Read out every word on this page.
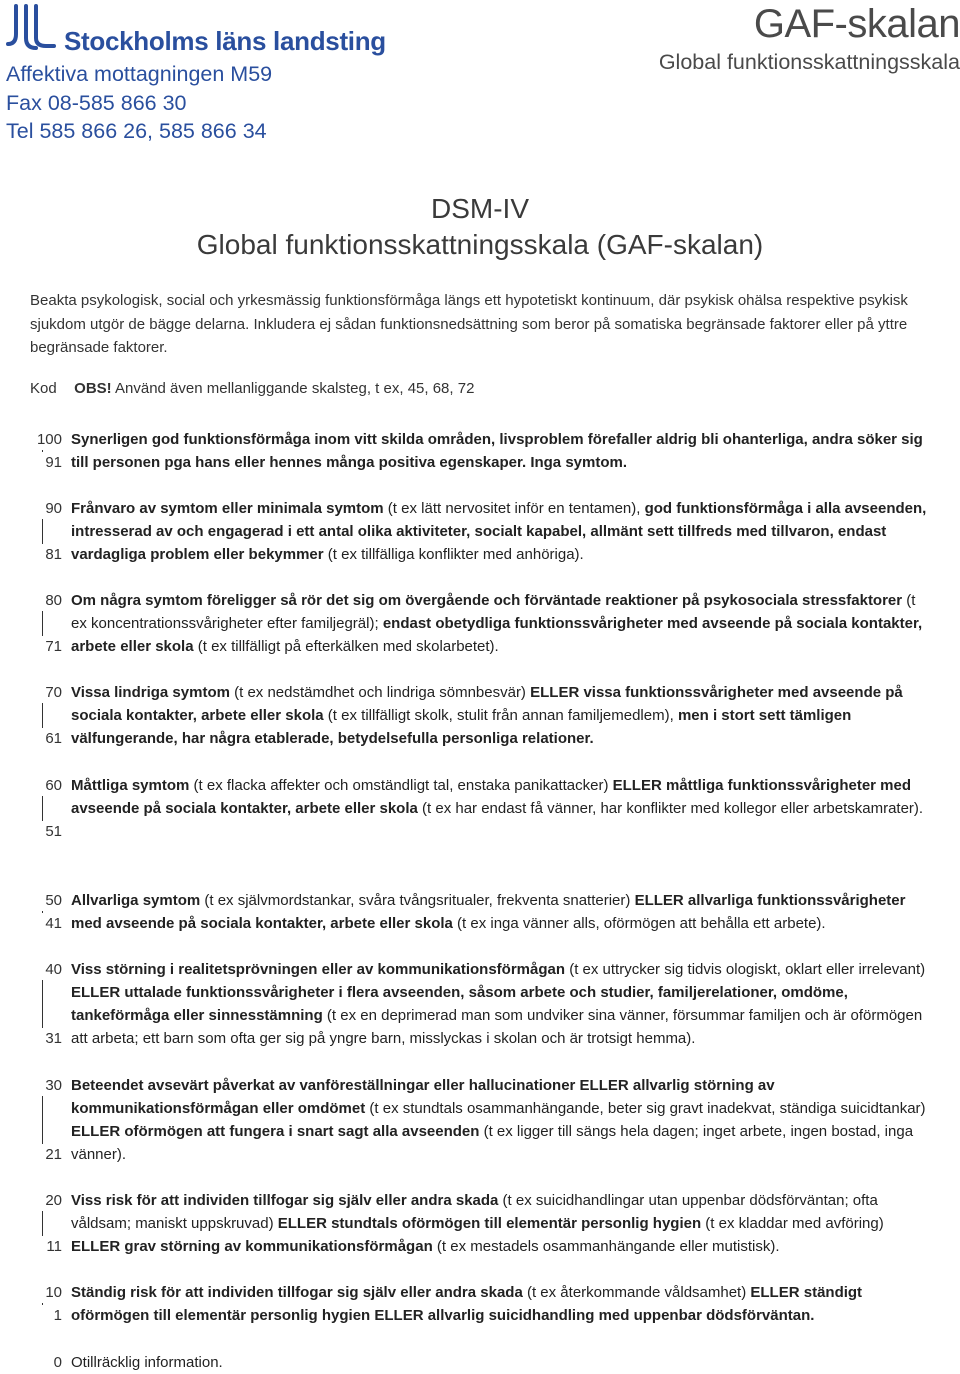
Stockholms läns landsting
Affektiva mottagningen M59
Fax 08-585 866 30
Tel 585 866 26, 585 866 34
GAF-skalan
Global funktionsskattningsskala
DSM-IV
Global funktionsskattningsskala (GAF-skalan)
Beakta psykologisk, social och yrkesmässig funktionsförmåga längs ett hypotetiskt kontinuum, där psykisk ohälsa respektive psykisk sjukdom utgör de bägge delarna. Inkludera ej sådan funktionsnedsättning som beror på somatiska begränsade faktorer eller på yttre begränsade faktorer.
Kod OBS! Använd även mellanliggande skalsteg, t ex, 45, 68, 72
100
91
Synerligen god funktionsförmåga inom vitt skilda områden, livsproblem förefaller aldrig bli ohanterliga, andra söker sig till personen pga hans eller hennes många positiva egenskaper. Inga symtom.
90
81
Frånvaro av symtom eller minimala symtom (t ex lätt nervositet inför en tentamen), god funktionsförmåga i alla avseenden, intresserad av och engagerad i ett antal olika aktiviteter, socialt kapabel, allmänt sett tillfreds med tillvaron, endast vardagliga problem eller bekymmer (t ex tillfälliga konflikter med anhöriga).
80
71
Om några symtom föreligger så rör det sig om övergående och förväntade reaktioner på psykosociala stressfaktorer (t ex koncentrationssvårigheter efter familjegräl); endast obetydliga funktionssvårigheter med avseende på sociala kontakter, arbete eller skola (t ex tillfälligt på efterkälken med skolarbetet).
70
61
Vissa lindriga symtom (t ex nedstämdhet och lindriga sömnbesvär) ELLER vissa funktionssvårigheter med avseende på sociala kontakter, arbete eller skola (t ex tillfälligt skolk, stulit från annan familjemedlem), men i stort sett tämligen välfungerande, har några etablerade, betydelsefulla personliga relationer.
60
51
Måttliga symtom (t ex flacka affekter och omständligt tal, enstaka panikattacker) ELLER måttliga funktionssvårigheter med avseende på sociala kontakter, arbete eller skola (t ex har endast få vänner, har konflikter med kollegor eller arbetskamrater).
50
41
Allvarliga symtom (t ex självmordstankar, svåra tvångsritualer, frekventa snatterier) ELLER allvarliga funktionssvårigheter med avseende på sociala kontakter, arbete eller skola (t ex inga vänner alls, oförmögen att behålla ett arbete).
40
31
Viss störning i realitetsprövningen eller av kommunikationsförmågan (t ex uttrycker sig tidvis ologiskt, oklart eller irrelevant) ELLER uttalade funktionssvårigheter i flera avseenden, såsom arbete och studier, familjerelationer, omdöme, tankeförmåga eller sinnesstämning (t ex en deprimerad man som undviker sina vänner, försummar familjen och är oförmögen att arbeta; ett barn som ofta ger sig på yngre barn, misslyckas i skolan och är trotsigt hemma).
30
21
Beteendet avsevärt påverkat av vanföreställningar eller hallucinationer ELLER allvarlig störning av kommunikationsförmågan eller omdömet (t ex stundtals osammanhängande, beter sig gravt inadekvat, ständiga suicidtankar) ELLER oförmögen att fungera i snart sagt alla avseenden (t ex ligger till sängs hela dagen; inget arbete, ingen bostad, inga vänner).
20
11
Viss risk för att individen tillfogar sig själv eller andra skada (t ex suicidhandlingar utan uppenbar dödsförväntan; ofta våldsam; maniskt uppskruvad) ELLER stundtals oförmögen till elementär personlig hygien (t ex kladdar med avföring) ELLER grav störning av kommunikationsförmågan (t ex mestadels osammanhängande eller mutistisk).
10
1
Ständig risk för att individen tillfogar sig själv eller andra skada (t ex återkommande våldsamhet) ELLER ständigt oförmögen till elementär personlig hygien ELLER allvarlig suicidhandling med uppenbar dödsförväntan.
0 Otillräcklig information.
